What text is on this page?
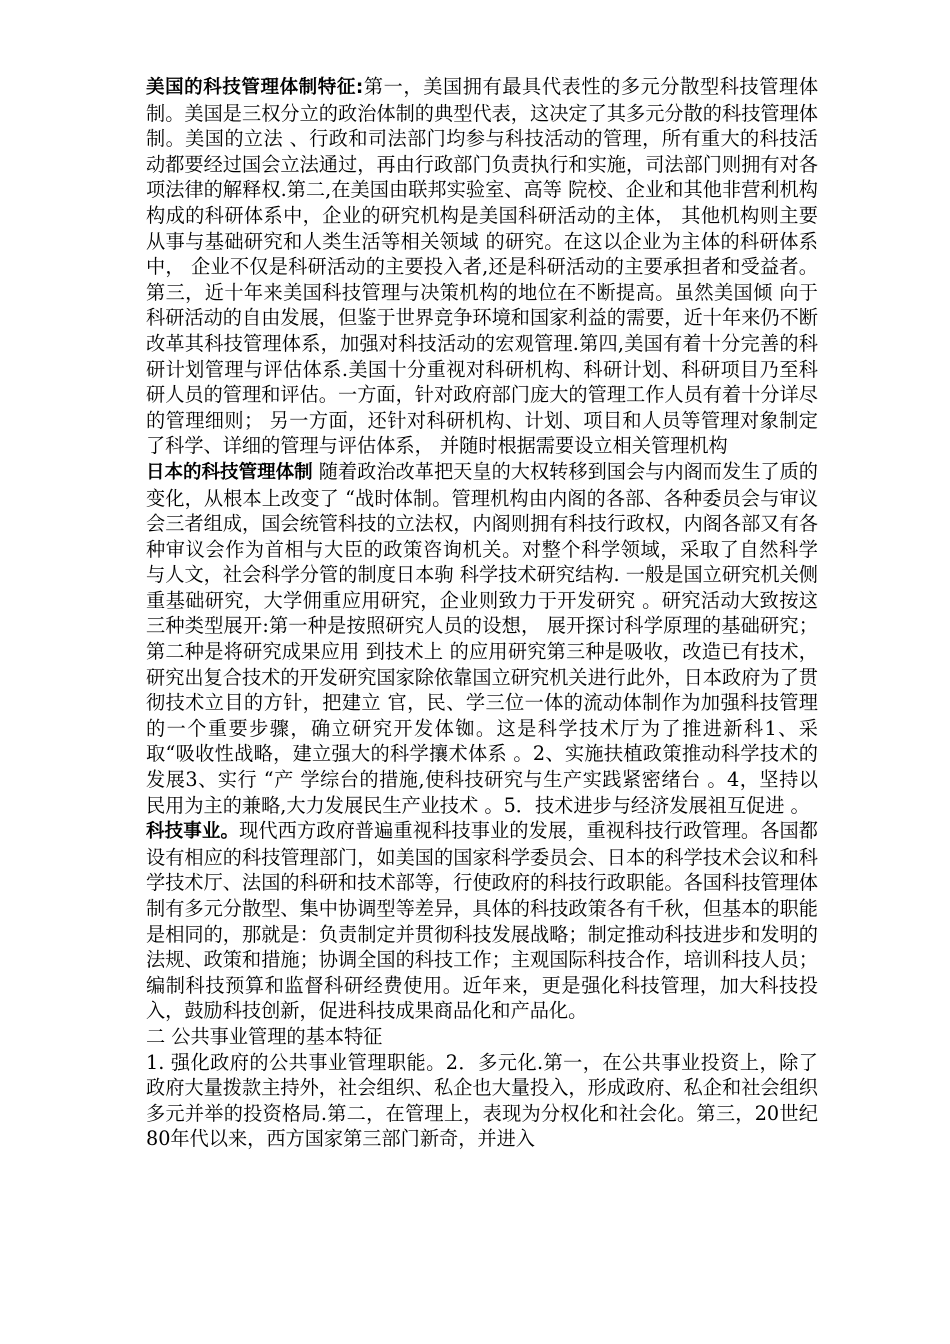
美国的科技管理体制特征:第一，美国拥有最具代表性的多元分散型科技管理体制。美国是三权分立的政治体制的典型代表，这决定了其多元分散的科技管理体制。美国的立法 、行政和司法部门均参与科技活动的管理，所有重大的科技活动都要经过国会立法通过，再由行政部门负责执行和实施，司法部门则拥有对各项法律的解释权.第二,在美国由联邦实验室、高等 院校、企业和其他非营利机构构成的科研体系中，企业的研究机构是美国科研活动的主体， 其他机构则主要从事与基础研究和人类生活等相关领域 的研究。在这以企业为主体的科研体系中， 企业不仅是科研活动的主要投入者,还是科研活动的主要承担者和受益者。第三，近十年来美国科技管理与决策机构的地位在不断提高。虽然美国倾 向于科研活动的自由发展，但鉴于世界竞争环境和国家利益的需要，近十年来仍不断改革其科技管理体系，加强对科技活动的宏观管理.第四,美国有着十分完善的科研计划管理与评估体系.美国十分重视对科研机构、科研计划、科研项目乃至科研人员的管理和评估。一方面，针对政府部门庞大的管理工作人员有着十分详尽的管理细则； 另一方面，还针对科研机构、计划、项目和人员等管理对象制定了科学、详细的管理与评估体系， 并随时根据需要设立相关管理机构

日本的科技管理体制 随着政治改革把天皇的大权转移到国会与内阁而发生了质的变化，从根本上改变了 “战时体制。管理机构由内阁的各部、各种委员会与审议会三者组成，国会统管科技的立法权，内阁则拥有科技行政权，内阁各部又有各种审议会作为首相与大臣的政策咨询机关。对整个科学领域，采取了自然科学 与人文，社会科学分管的制度日本驹 科学技术研究结构. 一般是国立研究机关侧重基础研究，大学佣重应用研究，企业则致力于开发研究 。研究活动大致按这三种类型展开:第一种是按照研究人员的设想， 展开探讨科学原理的基础研究；第二种是将研究成果应用 到技术上 的应用研究第三种是吸收，改造已有技术，研究出复合技术的开发研究国家除依靠国立研究机关进行此外，日本政府为了贯彻技术立目的方针，把建立 官，民、学三位一体的流动体制作为加强科技管理的一个重要步骤，确立研究开发体铷。这是科学技术厅为了推进新科1、采取“吸收性战略，建立强大的科学攘术体系 。2、实施扶植政策推动科学技术的发展3、实行 “产 学综台的措施,使科技研究与生产实践紧密绪台 。4，坚持以民用为主的兼略,大力发展民生产业技术 。5．技术进步与经济发展祖互促进 。

科技事业。现代西方政府普遍重视科技事业的发展，重视科技行政管理。各国都设有相应的科技管理部门，如美国的国家科学委员会、日本的科学技术会议和科学技术厅、法国的科研和技术部等，行使政府的科技行政职能。各国科技管理体制有多元分散型、集中协调型等差异，具体的科技政策各有千秋，但基本的职能是相同的，那就是：负责制定并贯彻科技发展战略；制定推动科技进步和发明的法规、政策和措施；协调全国的科技工作；主观国际科技合作，培训科技人员；编制科技预算和监督科研经费使用。近年来，更是强化科技管理，加大科技投入，鼓励科技创新，促进科技成果商品化和产品化。

二 公共事业管理的基本特征

1. 强化政府的公共事业管理职能。2．多元化.第一，在公共事业投资上，除了政府大量拨款主持外，社会组织、私企也大量投入，形成政府、私企和社会组织多元并举的投资格局.第二，在管理上，表现为分权化和社会化。第三，20世纪80年代以来，西方国家第三部门新奇，并进入
